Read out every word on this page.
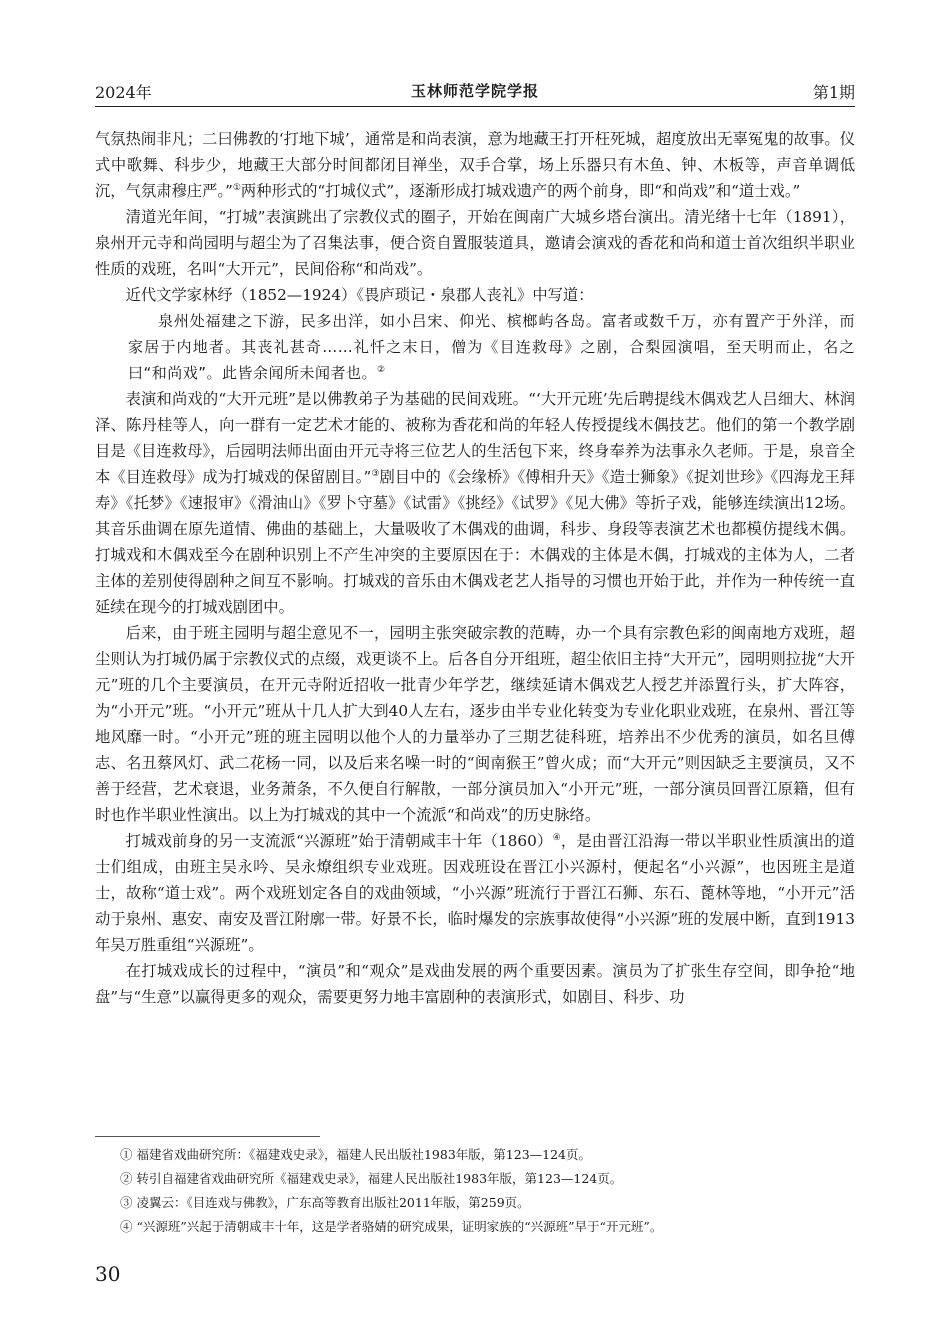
2024年	玉林师范学院学报	第1期

气氛热闹非凡；二曰佛教的‘打地下城’，通常是和尚表演，意为地藏王打开枉死城，超度放出无辜冤鬼的故事。仪式中歌舞、科步少，地藏王大部分时间都闭目禅坐，双手合掌，场上乐器只有木鱼、钟、木板等，声音单调低沉，气氛肃穆庄严。”①两种形式的“打城仪式”，逐渐形成打城戏遗产的两个前身，即“和尚戏”和“道士戏。”

清道光年间，“打城”表演跳出了宗教仪式的圈子，开始在闽南广大城乡塔台演出。清光绪十七年（1891），泉州开元寺和尚园明与超尘为了召集法事，便合资自置服装道具，邀请会演戏的香花和尚和道士首次组织半职业性质的戏班，名叫“大开元”，民间俗称“和尚戏”。

近代文学家林纾（1852—1924）《畏庐琐记・泉郡人丧礼》中写道：

泉州处福建之下游，民多出洋，如小吕宋、仰光、槟榔屿各岛。富者或数千万，亦有置产于外洋，而家居于内地者。其丧礼甚奇……礼忏之末日，僧为《目连救母》之剧，合梨园演唱，至天明而止，名之曰“和尚戏”。此皆余闻所未闻者也。②

表演和尚戏的“大开元班”是以佛教弟子为基础的民间戏班。“‘大开元班’先后聘提线木偶戏艺人吕细大、林润泽、陈丹桂等人，向一群有一定艺术才能的、被称为香花和尚的年轻人传授提线木偶技艺。他们的第一个教学剧目是《目连救母》，后园明法师出面由开元寺将三位艺人的生活包下来，终身奉养为法事永久老师。于是，泉音全本《目连救母》成为打城戏的保留剧目。”③剧目中的《会缘桥》《傅相升天》《造士狮象》《捉刘世珍》《四海龙王拜寿》《托梦》《速报审》《滑油山》《罗卜守墓》《试雷》《挑经》《试罗》《见大佛》等折子戏，能够连续演出12场。其音乐曲调在原先道情、佛曲的基础上，大量吸收了木偶戏的曲调，科步、身段等表演艺术也都模仿提线木偶。打城戏和木偶戏至今在剧种识别上不产生冲突的主要原因在于：木偶戏的主体是木偶，打城戏的主体为人，二者主体的差别使得剧种之间互不影响。打城戏的音乐由木偶戏老艺人指导的习惯也开始于此，并作为一种传统一直延续在现今的打城戏剧团中。

后来，由于班主园明与超尘意见不一，园明主张突破宗教的范畴，办一个具有宗教色彩的闽南地方戏班，超尘则认为打城仍属于宗教仪式的点缀，戏更谈不上。后各自分开组班，超尘依旧主持“大开元”，园明则拉拢“大开元”班的几个主要演员，在开元寺附近招收一批青少年学艺，继续延请木偶戏艺人授艺并添置行头，扩大阵容，为“小开元”班。“小开元”班从十几人扩大到40人左右，逐步由半专业化转变为专业化职业戏班，在泉州、晋江等地风靡一时。“小开元”班的班主园明以他个人的力量举办了三期艺徒科班，培养出不少优秀的演员，如名旦傅志、名丑蔡风灯、武二花杨一同，以及后来名噪一时的“闽南猴王”曾火成；而“大开元”则因缺乏主要演员，又不善于经营，艺术衰退，业务萧条，不久便自行解散，一部分演员加入“小开元”班，一部分演员回晋江原籍，但有时也作半职业性演出。以上为打城戏的其中一个流派“和尚戏”的历史脉络。

打城戏前身的另一支流派“兴源班”始于清朝咸丰十年（1860）④，是由晋江沿海一带以半职业性质演出的道士们组成，由班主吴永吟、吴永燎组织专业戏班。因戏班设在晋江小兴源村，便起名“小兴源”，也因班主是道士，故称“道士戏”。两个戏班划定各自的戏曲领域，“小兴源”班流行于晋江石狮、东石、蓖林等地，“小开元”活动于泉州、惠安、南安及晋江附廓一带。好景不长，临时爆发的宗族事故使得“小兴源”班的发展中断，直到1913年吴万胜重组“兴源班”。

在打城戏成长的过程中，“演员”和“观众”是戏曲发展的两个重要因素。演员为了扩张生存空间，即争抢“地盘”与“生意”以赢得更多的观众，需要更努力地丰富剧种的表演形式，如剧目、科步、功

① 福建省戏曲研究所：《福建戏史录》，福建人民出版社1983年版，第123—124页。
② 转引自福建省戏曲研究所《福建戏史录》，福建人民出版社1983年版，第123—124页。
③ 凌翼云：《目连戏与佛教》，广东高等教育出版社2011年版，第259页。
④ “兴源班”兴起于清朝咸丰十年，这是学者骆婧的研究成果，证明家族的“兴源班”早于“开元班”。
30
